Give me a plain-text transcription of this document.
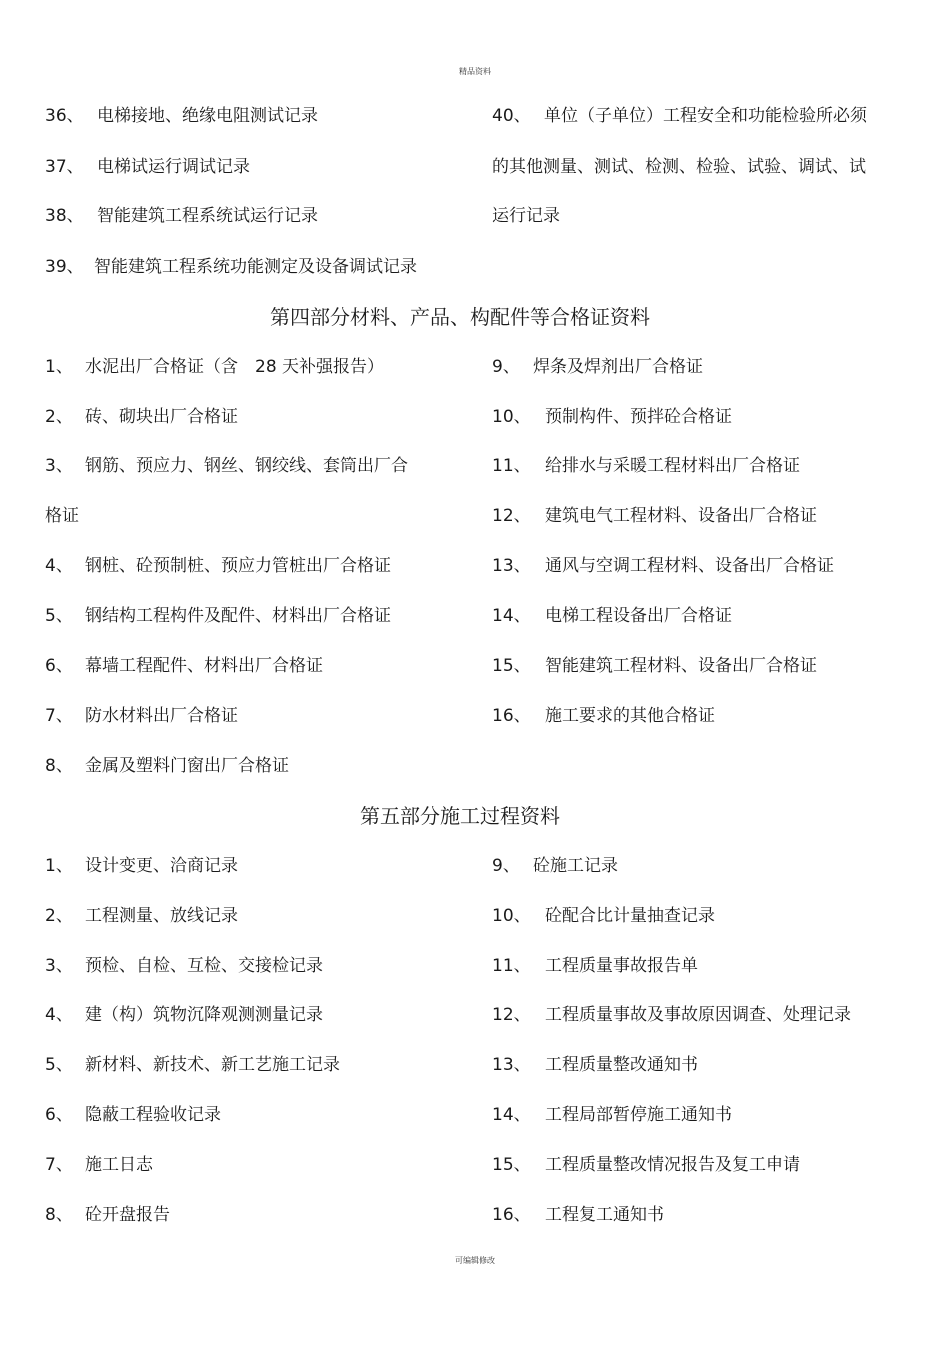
精品资料
36、 电梯接地、绝缘电阻测试记录
37、 电梯试运行调试记录
38、 智能建筑工程系统试运行记录
39、 智能建筑工程系统功能测定及设备调试记录
40、 单位（子单位）工程安全和功能检验所必须
的其他测量、测试、检测、检验、试验、调试、试
运行记录
第四部分材料、产品、构配件等合格证资料
1、 水泥出厂合格证（含　28 天补强报告）
2、 砖、砌块出厂合格证
3、 钢筋、预应力、钢丝、钢绞线、套筒出厂合
格证
4、 钢桩、砼预制桩、预应力管桩出厂合格证
5、 钢结构工程构件及配件、材料出厂合格证
6、 幕墙工程配件、材料出厂合格证
7、 防水材料出厂合格证
8、 金属及塑料门窗出厂合格证
9、 焊条及焊剂出厂合格证
10、 预制构件、预拌砼合格证
11、 给排水与采暖工程材料出厂合格证
12、 建筑电气工程材料、设备出厂合格证
13、 通风与空调工程材料、设备出厂合格证
14、 电梯工程设备出厂合格证
15、 智能建筑工程材料、设备出厂合格证
16、 施工要求的其他合格证
第五部分施工过程资料
1、 设计变更、洽商记录
2、 工程测量、放线记录
3、 预检、自检、互检、交接检记录
4、 建（构）筑物沉降观测测量记录
5、 新材料、新技术、新工艺施工记录
6、 隐蔽工程验收记录
7、 施工日志
8、 砼开盘报告
9、 砼施工记录
10、 砼配合比计量抽查记录
11、 工程质量事故报告单
12、 工程质量事故及事故原因调查、处理记录
13、 工程质量整改通知书
14、 工程局部暂停施工通知书
15、 工程质量整改情况报告及复工申请
16、 工程复工通知书
可编辑修改
